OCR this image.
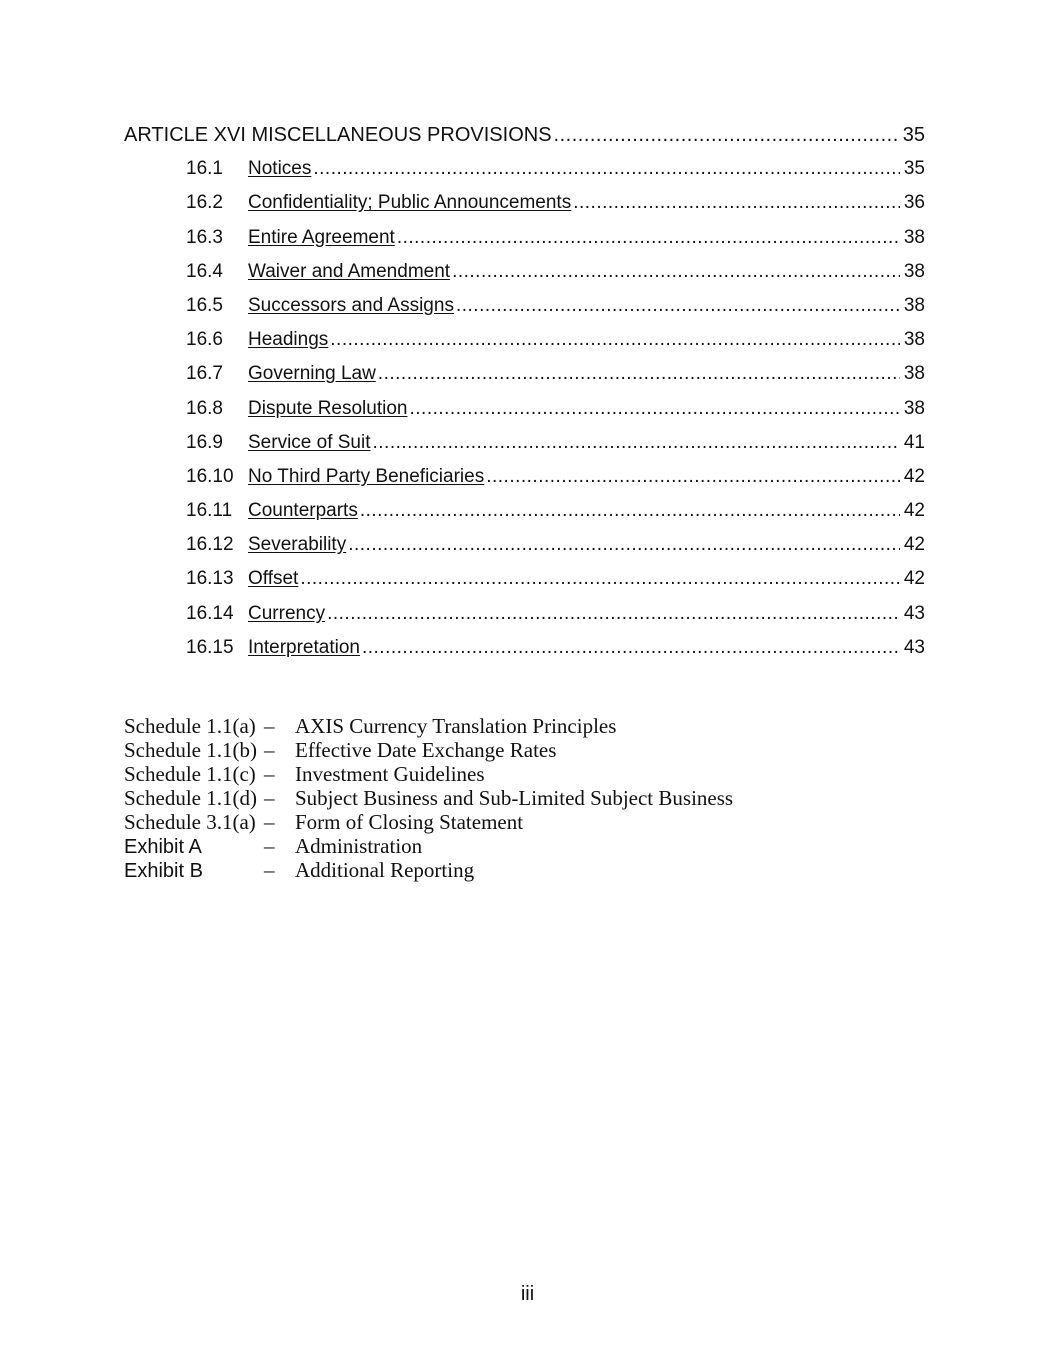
ARTICLE XVI MISCELLANEOUS PROVISIONS .....	35
16.1	Notices .....	35
16.2	Confidentiality; Public Announcements .....	36
16.3	Entire Agreement .....	38
16.4	Waiver and Amendment .....	38
16.5	Successors and Assigns .....	38
16.6	Headings .....	38
16.7	Governing Law .....	38
16.8	Dispute Resolution .....	38
16.9	Service of Suit .....	41
16.10 No Third Party Beneficiaries .....	42
16.11 Counterparts .....	42
16.12 Severability .....	42
16.13 Offset .....	42
16.14 Currency .....	43
16.15 Interpretation .....	43
Schedule 1.1(a) – AXIS Currency Translation Principles
Schedule 1.1(b) – Effective Date Exchange Rates
Schedule 1.1(c) – Investment Guidelines
Schedule 1.1(d) – Subject Business and Sub-Limited Subject Business
Schedule 3.1(a) – Form of Closing Statement
Exhibit A	– Administration
Exhibit B	– Additional Reporting
iii
